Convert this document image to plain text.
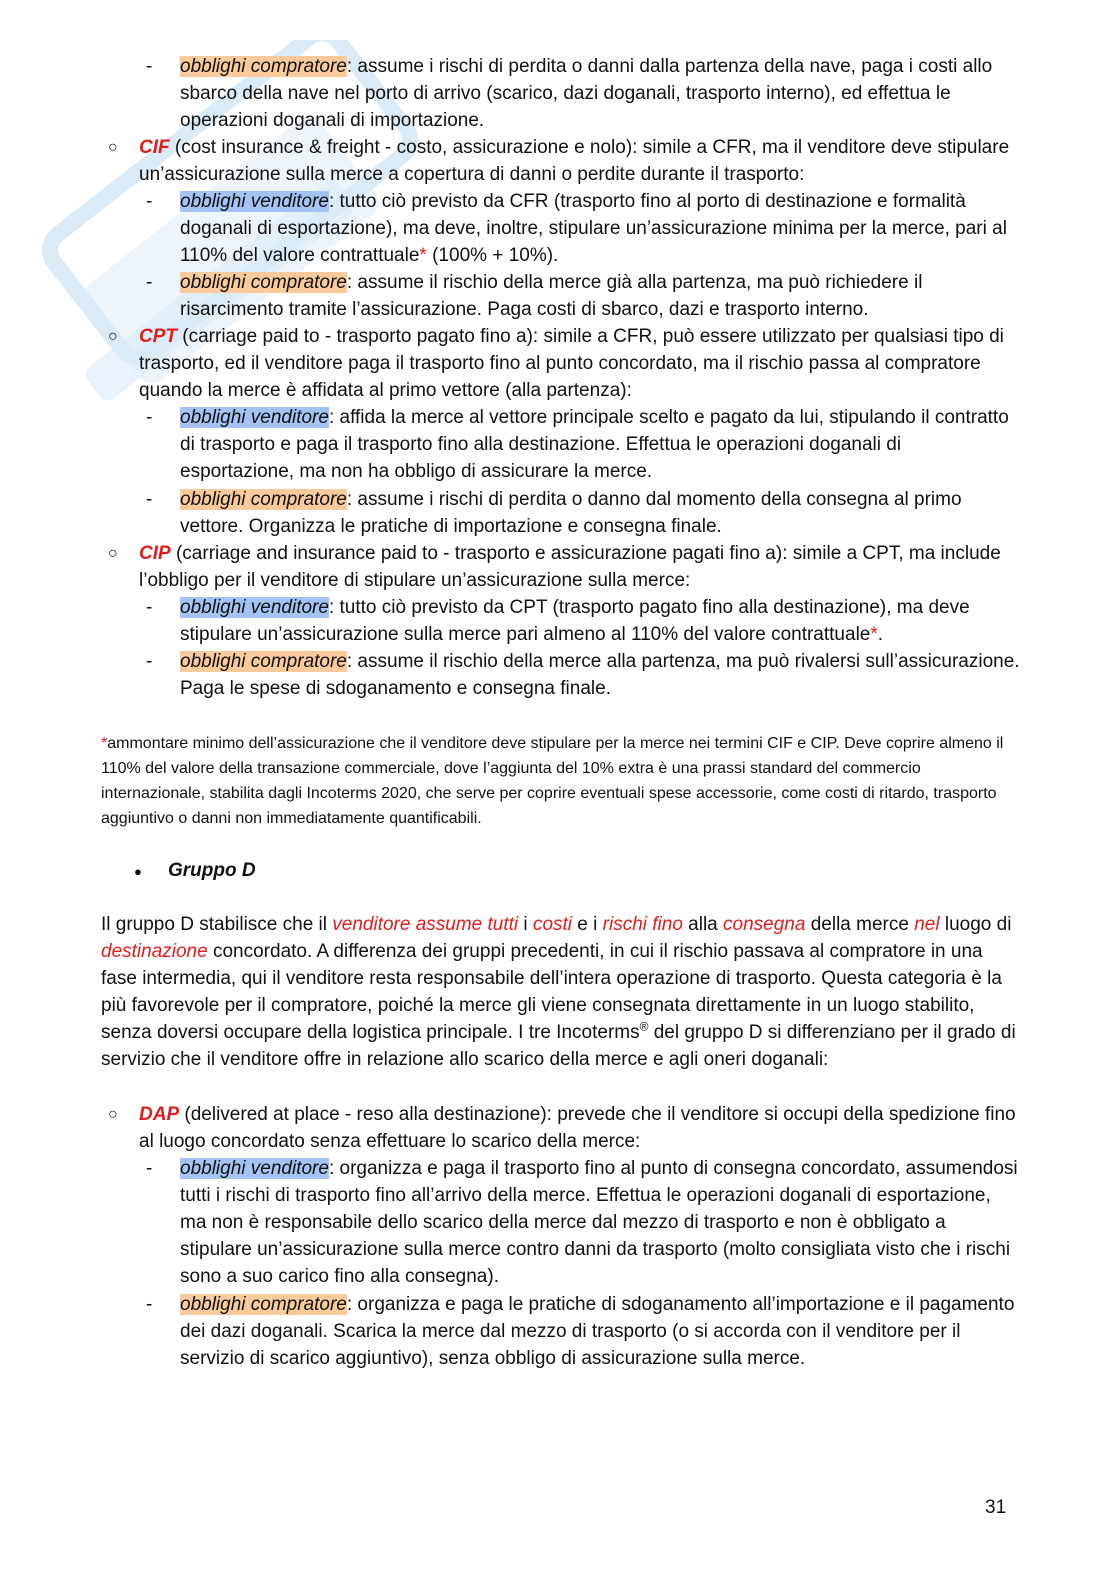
- obblighi compratore: assume i rischi di perdita o danni dalla partenza della nave, paga i costi allo sbarco della nave nel porto di arrivo (scarico, dazi doganali, trasporto interno), ed effettua le operazioni doganali di importazione.

○ CIF (cost insurance & freight - costo, assicurazione e nolo): simile a CFR, ma il venditore deve stipulare un’assicurazione sulla merce a copertura di danni o perdite durante il trasporto:

- obblighi venditore: tutto ciò previsto da CFR (trasporto fino al porto di destinazione e formalità doganali di esportazione), ma deve, inoltre, stipulare un’assicurazione minima per la merce, pari al 110% del valore contrattuale* (100% + 10%).

- obblighi compratore: assume il rischio della merce già alla partenza, ma può richiedere il risarcimento tramite l’assicurazione. Paga costi di sbarco, dazi e trasporto interno.

○ CPT (carriage paid to - trasporto pagato fino a): simile a CFR, può essere utilizzato per qualsiasi tipo di trasporto, ed il venditore paga il trasporto fino al punto concordato, ma il rischio passa al compratore quando la merce è affidata al primo vettore (alla partenza):

- obblighi venditore: affida la merce al vettore principale scelto e pagato da lui, stipulando il contratto di trasporto e paga il trasporto fino alla destinazione. Effettua le operazioni doganali di esportazione, ma non ha obbligo di assicurare la merce.

- obblighi compratore: assume i rischi di perdita o danno dal momento della consegna al primo vettore. Organizza le pratiche di importazione e consegna finale.

○ CIP (carriage and insurance paid to - trasporto e assicurazione pagati fino a): simile a CPT, ma include l’obbligo per il venditore di stipulare un’assicurazione sulla merce:

- obblighi venditore: tutto ciò previsto da CPT (trasporto pagato fino alla destinazione), ma deve stipulare un’assicurazione sulla merce pari almeno al 110% del valore contrattuale*.

- obblighi compratore: assume il rischio della merce alla partenza, ma può rivalersi sull’assicurazione. Paga le spese di sdoganamento e consegna finale.

*ammontare minimo dell’assicurazione che il venditore deve stipulare per la merce nei termini CIF e CIP. Deve coprire almeno il 110% del valore della transazione commerciale, dove l’aggiunta del 10% extra è una prassi standard del commercio internazionale, stabilita dagli Incoterms 2020, che serve per coprire eventuali spese accessorie, come costi di ritardo, trasporto aggiuntivo o danni non immediatamente quantificabili.

● Gruppo D

Il gruppo D stabilisce che il venditore assume tutti i costi e i rischi fino alla consegna della merce nel luogo di destinazione concordato. A differenza dei gruppi precedenti, in cui il rischio passava al compratore in una fase intermedia, qui il venditore resta responsabile dell’intera operazione di trasporto. Questa categoria è la più favorevole per il compratore, poiché la merce gli viene consegnata direttamente in un luogo stabilito, senza doversi occupare della logistica principale. I tre Incoterms® del gruppo D si differenziano per il grado di servizio che il venditore offre in relazione allo scarico della merce e agli oneri doganali:

○ DAP (delivered at place - reso alla destinazione): prevede che il venditore si occupi della spedizione fino al luogo concordato senza effettuare lo scarico della merce:

- obblighi venditore: organizza e paga il trasporto fino al punto di consegna concordato, assumendosi tutti i rischi di trasporto fino all’arrivo della merce. Effettua le operazioni doganali di esportazione, ma non è responsabile dello scarico della merce dal mezzo di trasporto e non è obbligato a stipulare un’assicurazione sulla merce contro danni da trasporto (molto consigliata visto che i rischi sono a suo carico fino alla consegna).

- obblighi compratore: organizza e paga le pratiche di sdoganamento all’importazione e il pagamento dei dazi doganali. Scarica la merce dal mezzo di trasporto (o si accorda con il venditore per il servizio di scarico aggiuntivo), senza obbligo di assicurazione sulla merce.

31
